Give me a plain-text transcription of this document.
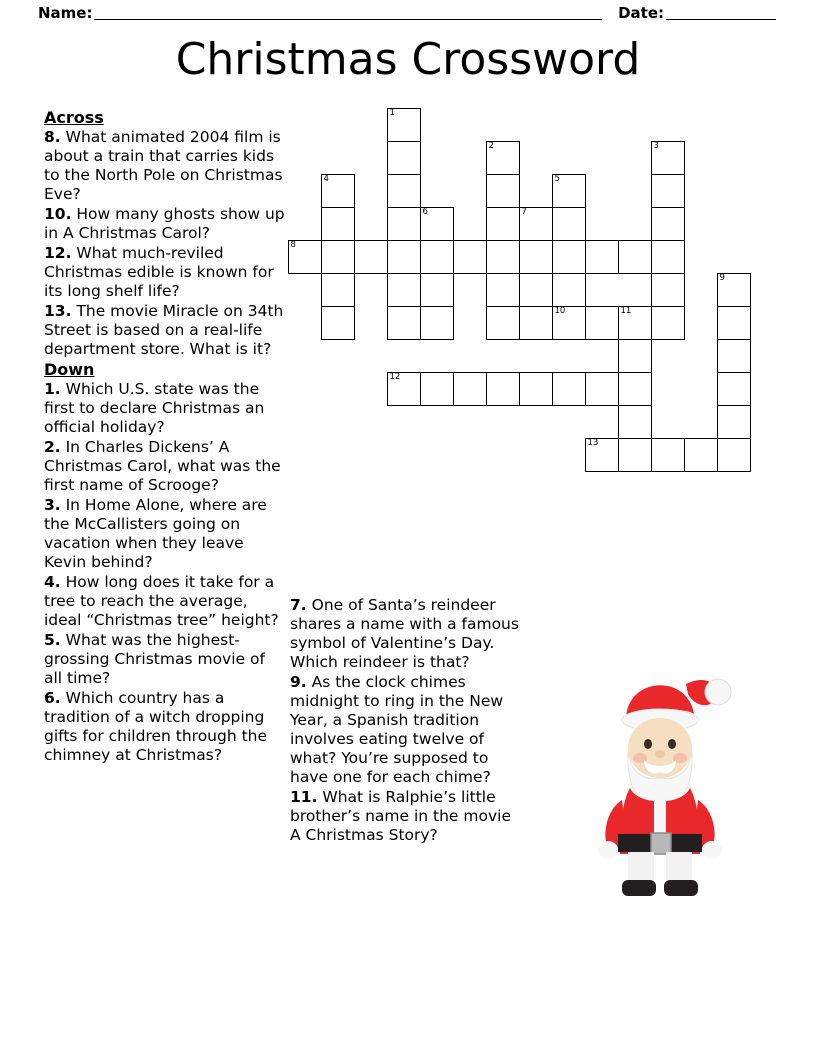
Name:	Date:
Christmas Crossword
Across

8. What animated 2004 film is about a train that carries kids to the North Pole on Christmas Eve?

10. How many ghosts show up in A Christmas Carol?

12. What much-reviled Christmas edible is known for its long shelf life?

13. The movie Miracle on 34th Street is based on a real-life department store. What is it?

Down

1. Which U.S. state was the first to declare Christmas an official holiday?

2. In Charles Dickens’ A Christmas Carol, what was the first name of Scrooge?

3. In Home Alone, where are the McCallisters going on vacation when they leave Kevin behind?

4. How long does it take for a tree to reach the average, ideal “Christmas tree” height?

5. What was the highest-grossing Christmas movie of all time?

6. Which country has a tradition of a witch dropping gifts for children through the chimney at Christmas?

7. One of Santa’s reindeer shares a name with a famous symbol of Valentine’s Day. Which reindeer is that?

9. As the clock chimes midnight to ring in the New Year, a Spanish tradition involves eating twelve of what? You’re supposed to have one for each chime?

11. What is Ralphie’s little brother’s name in the movie A Christmas Story?

1
2	3
4	5
6	7
8
9
10	11
12
13
